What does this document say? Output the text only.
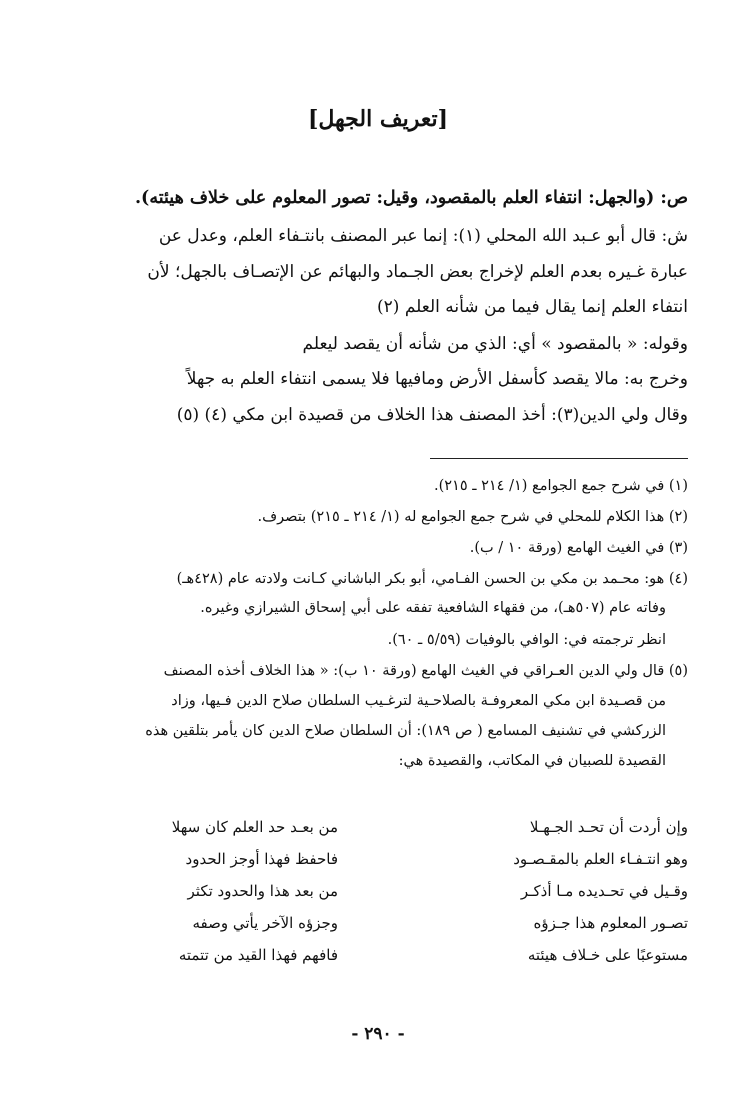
[تعريف الجهل]
ص: (والجهل: انتفاء العلم بالمقصود، وقيل: تصور المعلوم على خلاف هيئته).
ش: قال أبو عـبد الله المحلي (١): إنما عبر المصنف بانتـفاء العلم، وعدل عن
عبارة غـيره بعدم العلم لإخراج بعض الجـماد والبهائم عن الإتصـاف بالجهل؛ لأن
انتفاء العلم إنما يقال فيما من شأنه العلم (٢)
وقوله: « بالمقصود » أي: الذي من شأنه أن يقصد ليعلم
وخرج به: مالا يقصد كأسفل الأرض ومافيها فلا يسمى انتفاء العلم به جهلاً
وقال ولي الدين(٣): أخذ المصنف هذا الخلاف من قصيدة ابن مكي (٤) (٥)
(١) في شرح جمع الجوامع (١/ ٢١٤ ـ ٢١٥).
(٢) هذا الكلام للمحلي في شرح جمع الجوامع له (١/ ٢١٤ ـ ٢١٥) بتصرف.
(٣) في الغيث الهامع (ورقة ١٠ / ب).
(٤) هو: محـمد بن مكي بن الحسن الفـامي، أبو بكر الباشاني كـانت ولادته عام (٤٢٨هـ)
وفاته عام (٥٠٧هـ)، من فقهاء الشافعية تفقه على أبي إسحاق الشيرازي وغيره.
انظر ترجمته في: الوافي بالوفيات (٥/٥٩ ـ ٦٠).
(٥) قال ولي الدين العـراقي في الغيث الهامع (ورقة ١٠ ب): « هذا الخلاف أخذه المصنف
من قصـيدة ابن مكي المعروفـة بالصلاحـية لترغـيب السلطان صلاح الدين فـيها، وزاد
الزركشي في تشنيف المسامع ( ص ١٨٩): أن السلطان صلاح الدين كان يأمر بتلقين هذه
القصيدة للصبيان في المكاتب، والقصيدة هي:
وإن أردت أن تحـد الجـهـلا
وهو انتـفـاء العلم بالمقـصـود
وقـيل في تحـديده مـا أذكـر
تصـور المعلوم هذا جـزؤه
مستوعبًا على خـلاف هيئته
من بعـد حد العلم كان سهلا
فاحفظ فهذا أوجز الحدود
من بعد هذا والحدود تكثر
وجزؤه الآخر يأتي وصفه
فافهم فهذا القيد من تتمته
- ٢٩٠ -
